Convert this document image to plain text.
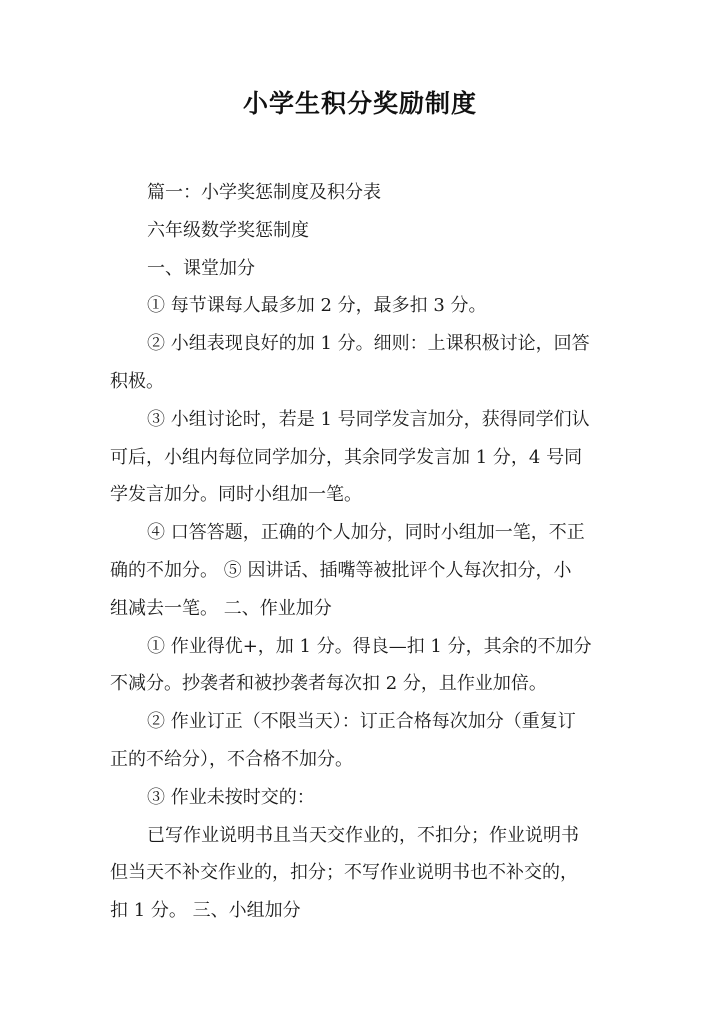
小学生积分奖励制度
篇一：小学奖惩制度及积分表
六年级数学奖惩制度
一、课堂加分
① 每节课每人最多加 2 分，最多扣 3 分。
② 小组表现良好的加 1 分。细则：上课积极讨论，回答
积极。
③ 小组讨论时，若是 1 号同学发言加分，获得同学们认
可后，小组内每位同学加分，其余同学发言加 1 分，4 号同
学发言加分。同时小组加一笔。
④ 口答答题，正确的个人加分，同时小组加一笔，不正
确的不加分。 ⑤ 因讲话、插嘴等被批评个人每次扣分，小
组减去一笔。 二、作业加分
① 作业得优+，加 1 分。得良—扣 1 分，其余的不加分
不减分。抄袭者和被抄袭者每次扣 2 分，且作业加倍。
② 作业订正（不限当天）：订正合格每次加分（重复订
正的不给分），不合格不加分。
③ 作业未按时交的：
已写作业说明书且当天交作业的，不扣分；作业说明书
但当天不补交作业的，扣分；不写作业说明书也不补交的，
扣 1 分。 三、小组加分
